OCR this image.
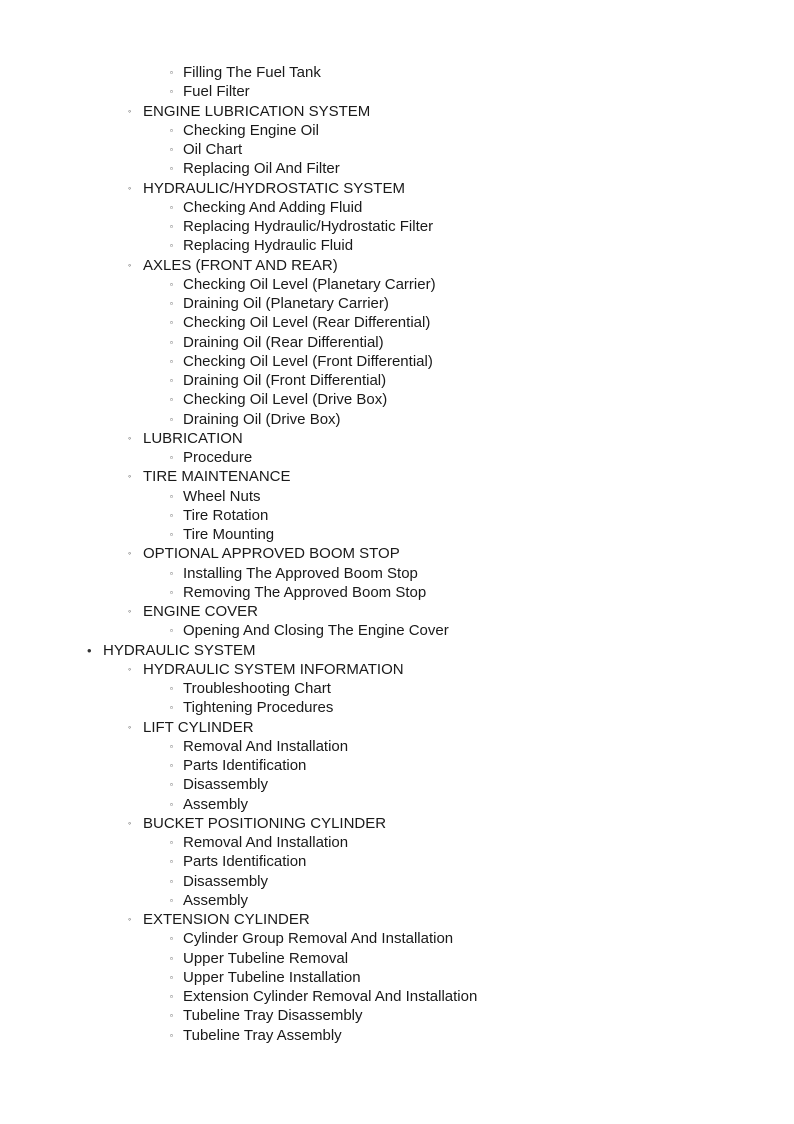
▫ Filling The Fuel Tank
▫ Fuel Filter
◦ ENGINE LUBRICATION SYSTEM
▫ Checking Engine Oil
▫ Oil Chart
▫ Replacing Oil And Filter
◦ HYDRAULIC/HYDROSTATIC SYSTEM
▫ Checking And Adding Fluid
▫ Replacing Hydraulic/Hydrostatic Filter
▫ Replacing Hydraulic Fluid
◦ AXLES (FRONT AND REAR)
▫ Checking Oil Level (Planetary Carrier)
▫ Draining Oil (Planetary Carrier)
▫ Checking Oil Level (Rear Differential)
▫ Draining Oil (Rear Differential)
▫ Checking Oil Level (Front Differential)
▫ Draining Oil (Front Differential)
▫ Checking Oil Level (Drive Box)
▫ Draining Oil (Drive Box)
◦ LUBRICATION
▫ Procedure
◦ TIRE MAINTENANCE
▫ Wheel Nuts
▫ Tire Rotation
▫ Tire Mounting
◦ OPTIONAL APPROVED BOOM STOP
▫ Installing The Approved Boom Stop
▫ Removing The Approved Boom Stop
◦ ENGINE COVER
▫ Opening And Closing The Engine Cover
• HYDRAULIC SYSTEM
◦ HYDRAULIC SYSTEM INFORMATION
▫ Troubleshooting Chart
▫ Tightening Procedures
◦ LIFT CYLINDER
▫ Removal And Installation
▫ Parts Identification
▫ Disassembly
▫ Assembly
◦ BUCKET POSITIONING CYLINDER
▫ Removal And Installation
▫ Parts Identification
▫ Disassembly
▫ Assembly
◦ EXTENSION CYLINDER
▫ Cylinder Group Removal And Installation
▫ Upper Tubeline Removal
▫ Upper Tubeline Installation
▫ Extension Cylinder Removal And Installation
▫ Tubeline Tray Disassembly
▫ Tubeline Tray Assembly
